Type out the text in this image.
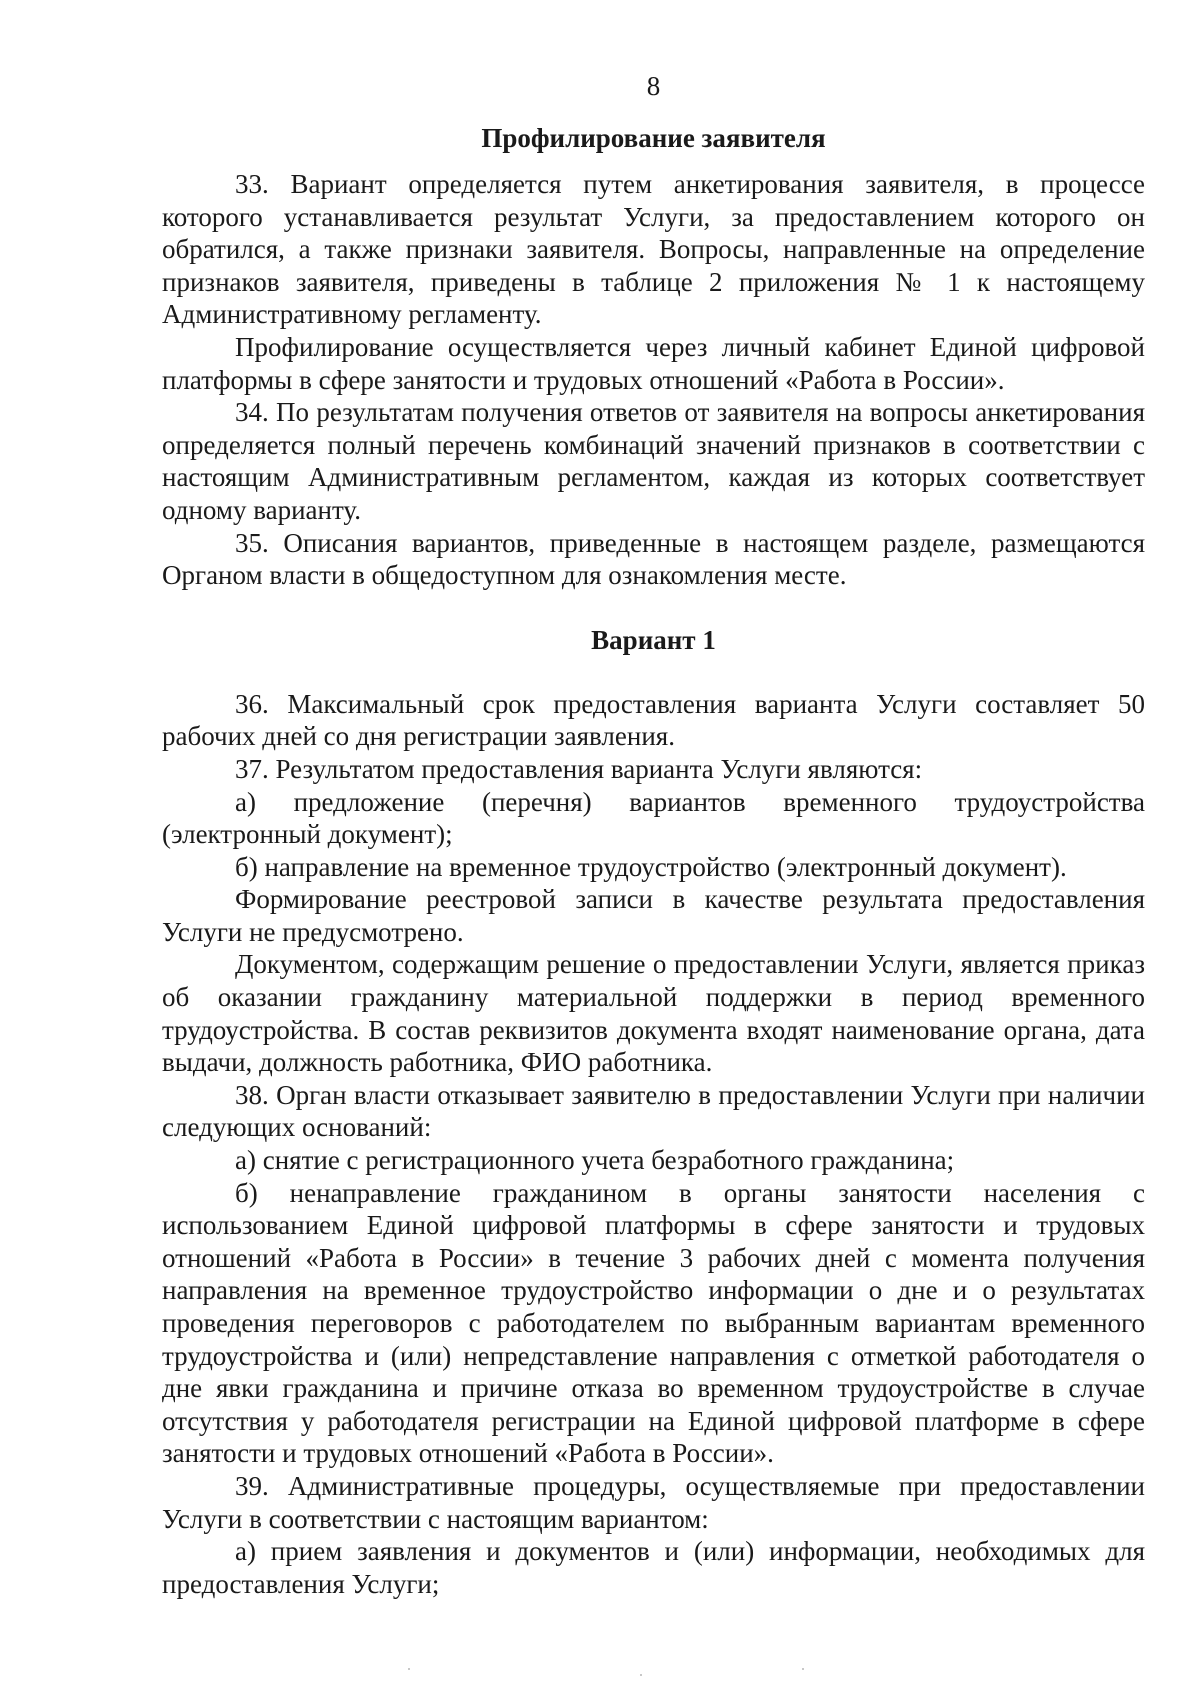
8
Профилирование заявителя

33. Вариант определяется путем анкетирования заявителя, в процессе которого устанавливается результат Услуги, за предоставлением которого он обратился, а также признаки заявителя. Вопросы, направленные на определение признаков заявителя, приведены в таблице 2 приложения № 1 к настоящему Административному регламенту.

Профилирование осуществляется через личный кабинет Единой цифровой платформы в сфере занятости и трудовых отношений «Работа в России».

34. По результатам получения ответов от заявителя на вопросы анкетирования определяется полный перечень комбинаций значений признаков в соответствии с настоящим Административным регламентом, каждая из которых соответствует одному варианту.

35. Описания вариантов, приведенные в настоящем разделе, размещаются Органом власти в общедоступном для ознакомления месте.

Вариант 1

36. Максимальный срок предоставления варианта Услуги составляет 50 рабочих дней со дня регистрации заявления.

37. Результатом предоставления варианта Услуги являются:

а) предложение (перечня) вариантов временного трудоустройства (электронный документ);

б) направление на временное трудоустройство (электронный документ).

Формирование реестровой записи в качестве результата предоставления Услуги не предусмотрено.

Документом, содержащим решение о предоставлении Услуги, является приказ об оказании гражданину материальной поддержки в период временного трудоустройства. В состав реквизитов документа входят наименование органа, дата выдачи, должность работника, ФИО работника.

38. Орган власти отказывает заявителю в предоставлении Услуги при наличии следующих оснований:

а) снятие с регистрационного учета безработного гражданина;

б) ненаправление гражданином в органы занятости населения с использованием Единой цифровой платформы в сфере занятости и трудовых отношений «Работа в России» в течение 3 рабочих дней с момента получения направления на временное трудоустройство информации о дне и о результатах проведения переговоров с работодателем по выбранным вариантам временного трудоустройства и (или) непредставление направления с отметкой работодателя о дне явки гражданина и причине отказа во временном трудоустройстве в случае отсутствия у работодателя регистрации на Единой цифровой платформе в сфере занятости и трудовых отношений «Работа в России».

39. Административные процедуры, осуществляемые при предоставлении Услуги в соответствии с настоящим вариантом:

а) прием заявления и документов и (или) информации, необходимых для предоставления Услуги;
